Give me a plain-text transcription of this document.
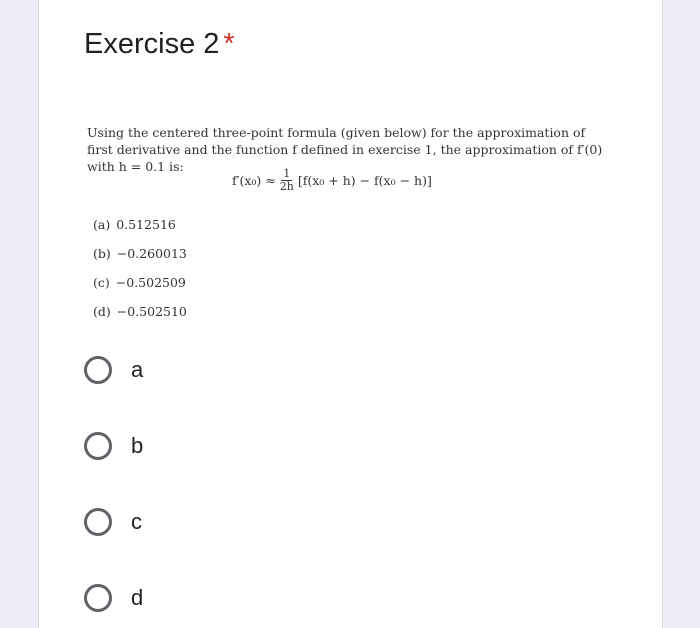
Exercise 2 *
Using the centered three-point formula (given below) for the approximation of first derivative and the function f defined in exercise 1, the approximation of f′(0) with h = 0.1 is:
$f'(x_0) \approx \frac{1}{2h} [f(x_0 + h) - f(x_0 - h)]$
(a) 0.512516
(b) −0.260013
(c) −0.502509
(d) −0.502510
a
b
c
d
